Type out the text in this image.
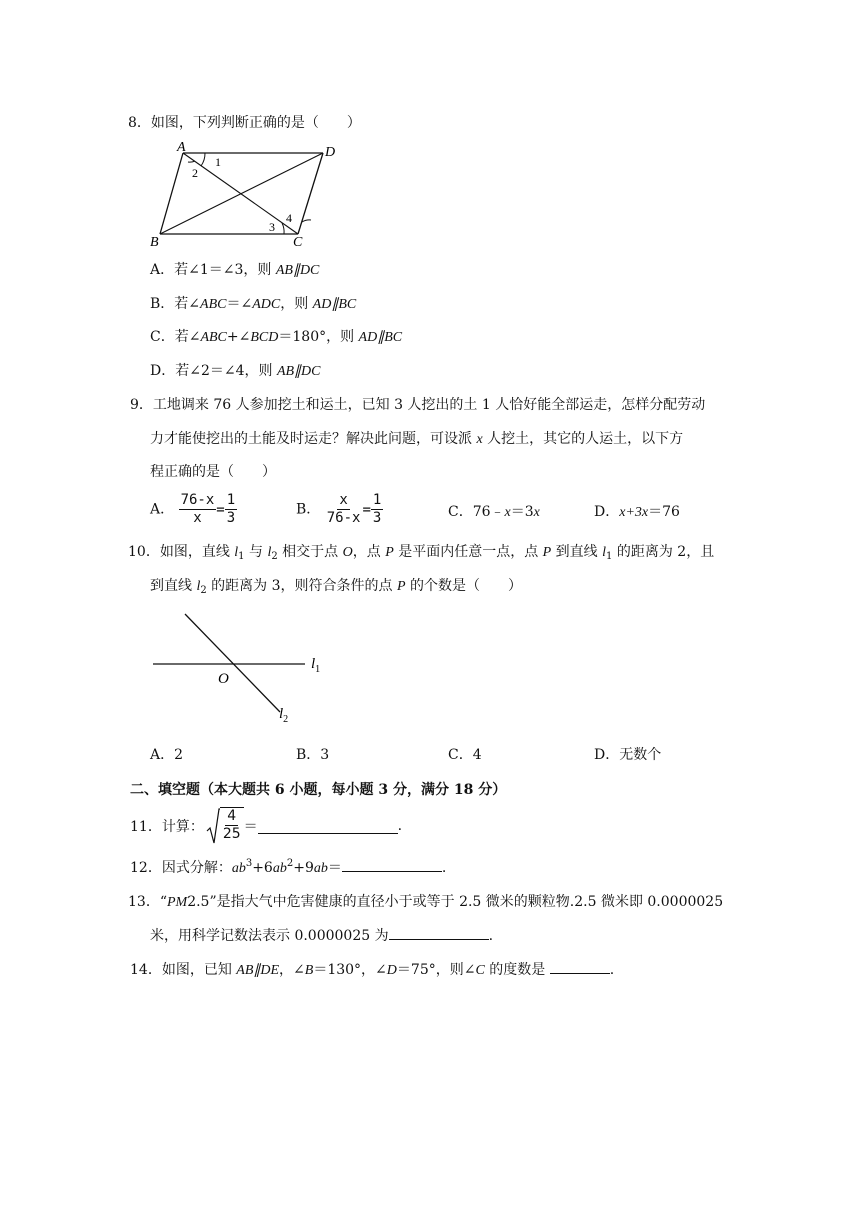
8．如图，下列判断正确的是（　　）
A	D
B	C
1
2
3
4
A．若∠1＝∠3，则 AB∥DC
B．若∠ABC＝∠ADC，则 AD∥BC
C．若∠ABC+∠BCD＝180°，则 AD∥BC
D．若∠2＝∠4，则 AB∥DC
9．工地调来 76 人参加挖土和运土，已知 3 人挖出的土 1 人恰好能全部运走，怎样分配劳动
力才能使挖出的土能及时运走？解决此问题，可设派 x 人挖土，其它的人运土，以下方
程正确的是（　　）
A． $\frac{76-x}{x} = \frac{1}{3}$	B． $\frac{x}{76-x} = \frac{1}{3}$	C．76﹣x＝3x	D．x+3x＝76
10．如图，直线 $l_1$ 与 $l_2$ 相交于点 O，点 P 是平面内任意一点，点 P 到直线 $l_1$ 的距离为 2，且
到直线 $l_2$ 的距离为 3，则符合条件的点 P 的个数是（　　）
O
$l_1$
$l_2$
A．2	B．3	C．4	D．无数个
二、填空题（本大题共 6 小题，每小题 3 分，满分 18 分）
11．计算：
4
25 ＝	.
12．因式分解：$ab^3+6ab^2+9ab=$	.
13．“PM2.5”是指大气中危害健康的直径小于或等于 2.5 微米的颗粒物.2.5 微米即 0.0000025
米，用科学记数法表示 0.0000025 为	.
14．如图，已知 AB∥DE，∠B＝130°，∠D＝75°，则∠C 的度数是	.
